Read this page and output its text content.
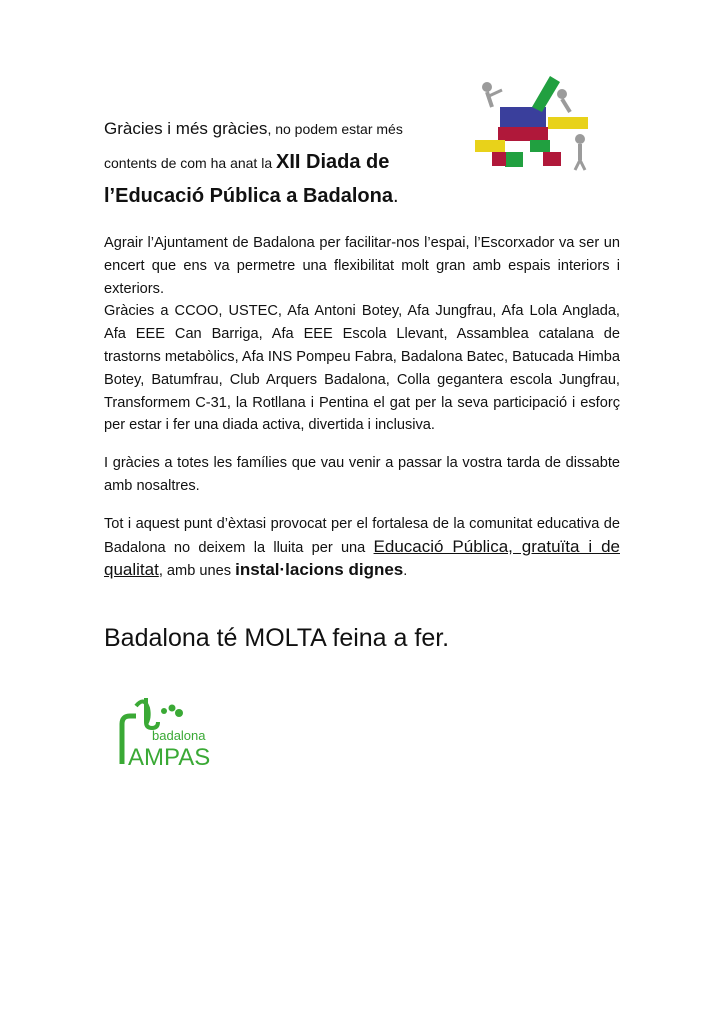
Gràcies i més gràcies, no podem estar més

contents de com ha anat la XII Diada de

l’Educació Pública a Badalona.

Agrair l’Ajuntament de Badalona per facilitar-nos l’espai, l’Escorxador va ser un encert que ens va permetre una flexibilitat molt gran amb espais interiors i exteriors.

Gràcies a CCOO, USTEC, Afa Antoni Botey, Afa Jungfrau, Afa Lola Anglada, Afa EEE Can Barriga, Afa EEE Escola Llevant, Assamblea catalana de trastorns metabòlics, Afa INS Pompeu Fabra, Badalona Batec, Batucada Himba Botey, Batumfrau, Club Arquers Badalona, Colla gegantera escola Jungfrau, Transformem C-31, la Rotllana i Pentina el gat per la seva participació i esforç per estar i fer una diada activa, divertida i inclusiva.

I gràcies a totes les famílies que vau venir a passar la vostra tarda de dissabte amb nosaltres.

Tot i aquest punt d’èxtasi provocat per el fortalesa de la comunitat educativa de Badalona no deixem la lluita per una Educació Pública, gratuïta i de qualitat, amb unes instal·lacions dignes.

Badalona té MOLTA feina a fer.

badalona
AMPAS
